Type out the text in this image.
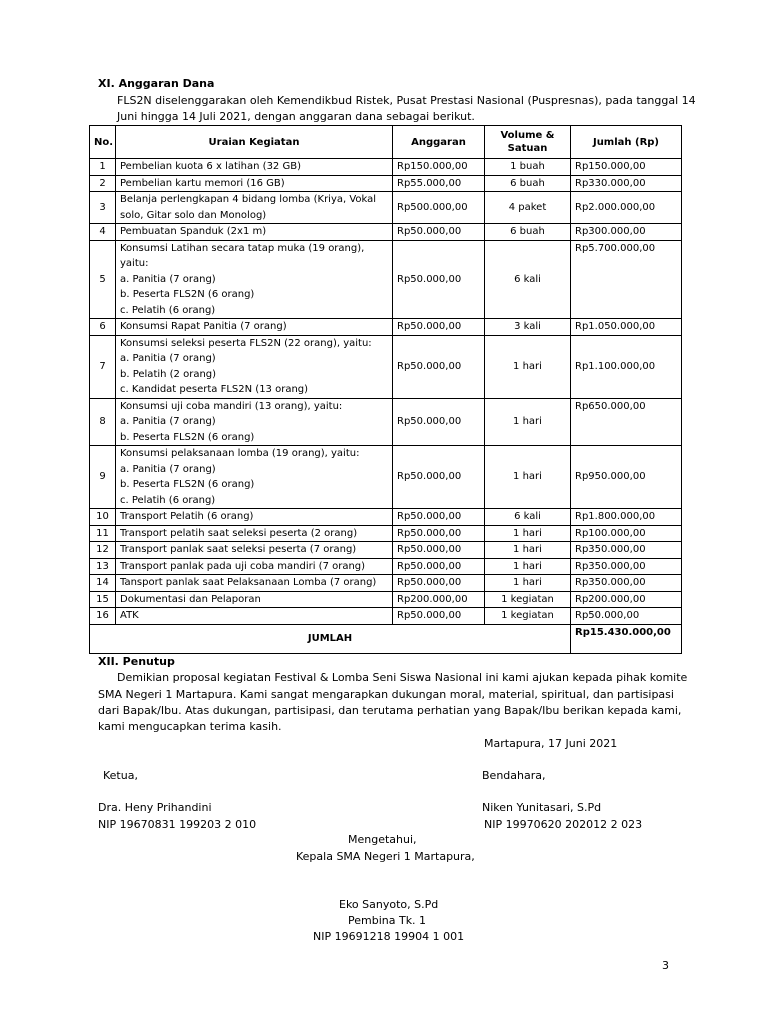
XI. Anggaran Dana
FLS2N diselenggarakan oleh Kemendikbud Ristek, Pusat Prestasi Nasional (Puspresnas), pada tanggal 14
Juni hingga 14 Juli 2021, dengan anggaran dana sebagai berikut.
No.	Uraian Kegiatan	Anggaran	Volume &
Satuan	Jumlah (Rp)
1	Pembelian kuota 6 x latihan (32 GB)	Rp150.000,00	1 buah	Rp150.000,00
2	Pembelian kartu memori (16 GB)	Rp55.000,00	6 buah	Rp330.000,00
3	Belanja perlengkapan 4 bidang lomba (Kriya, Vokal
solo, Gitar solo dan Monolog)	Rp500.000,00	4 paket	Rp2.000.000,00
4	Pembuatan Spanduk (2x1 m)	Rp50.000,00	6 buah	Rp300.000,00
5	Konsumsi Latihan secara tatap muka (19 orang), yaitu:
a. Panitia (7 orang)
b. Peserta FLS2N (6 orang)
c. Pelatih (6 orang)	Rp50.000,00	6 kali	Rp5.700.000,00
6	Konsumsi Rapat Panitia (7 orang)	Rp50.000,00	3 kali	Rp1.050.000,00
7	Konsumsi seleksi peserta FLS2N (22 orang), yaitu:
a. Panitia (7 orang)
b. Pelatih (2 orang)
c. Kandidat peserta FLS2N (13 orang)	Rp50.000,00	1 hari	Rp1.100.000,00
8	Konsumsi uji coba mandiri (13 orang), yaitu:
a. Panitia (7 orang)
b. Peserta FLS2N (6 orang)	Rp50.000,00	1 hari	Rp650.000,00
9	Konsumsi pelaksanaan lomba (19 orang), yaitu:
a. Panitia (7 orang)
b. Peserta FLS2N (6 orang)
c. Pelatih (6 orang)	Rp50.000,00	1 hari	Rp950.000,00
10	Transport Pelatih (6 orang)	Rp50.000,00	6 kali	Rp1.800.000,00
11	Transport pelatih saat seleksi peserta (2 orang)	Rp50.000,00	1 hari	Rp100.000,00
12	Transport panlak saat seleksi peserta (7 orang)	Rp50.000,00	1 hari	Rp350.000,00
13	Transport panlak pada uji coba mandiri (7 orang)	Rp50.000,00	1 hari	Rp350.000,00
14	Tansport panlak saat Pelaksanaan Lomba (7 orang)	Rp50.000,00	1 hari	Rp350.000,00
15	Dokumentasi dan Pelaporan	Rp200.000,00	1 kegiatan	Rp200.000,00
16	ATK	Rp50.000,00	1 kegiatan	Rp50.000,00
JUMLAH				Rp15.430.000,00
XII. Penutup
Demikian proposal kegiatan Festival & Lomba Seni Siswa Nasional ini kami ajukan kepada pihak komite
SMA Negeri 1 Martapura. Kami sangat mengarapkan dukungan moral, material, spiritual, dan partisipasi
dari Bapak/Ibu. Atas dukungan, partisipasi, dan terutama perhatian yang Bapak/Ibu berikan kepada kami,
kami mengucapkan terima kasih.
Martapura, 17 Juni 2021
Ketua,	Bendahara,
Dra. Heny Prihandini	Niken Yunitasari, S.Pd
NIP 19670831 199203 2 010	NIP 19970620 202012 2 023
Mengetahui,
Kepala SMA Negeri 1 Martapura,
Eko Sanyoto, S.Pd
Pembina Tk. 1
NIP 19691218 19904 1 001
3
